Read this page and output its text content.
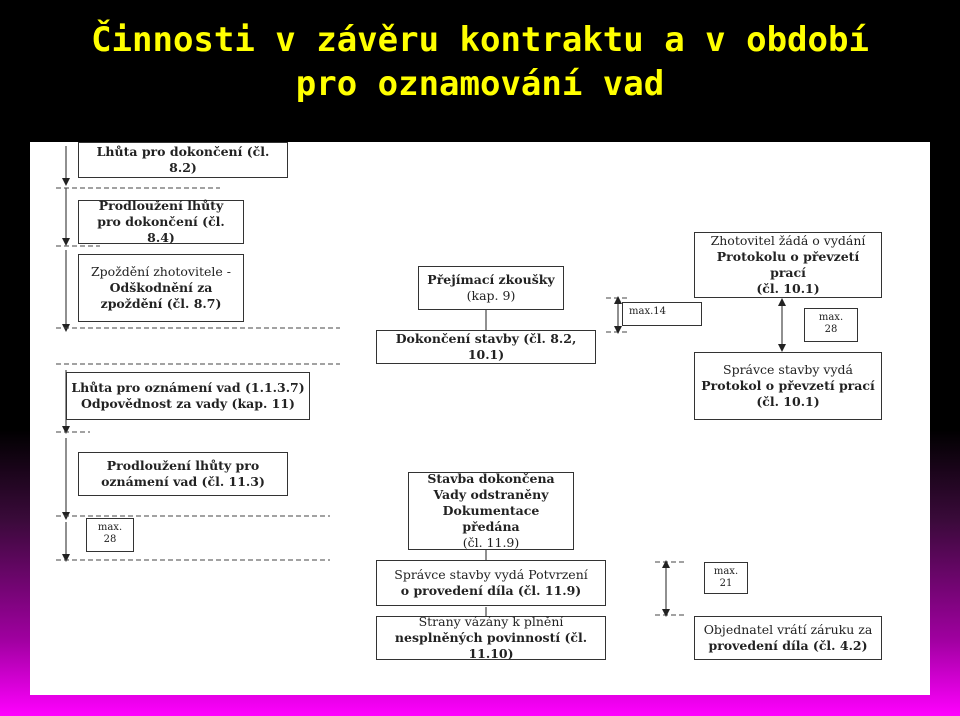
Činnosti v závěru kontraktu a v období
pro oznamování vad
Lhůta pro dokončení (čl. 8.2)
Prodloužení lhůty
pro dokončení (čl. 8.4)
Zpoždění zhotovitele -
Odškodnění za
zpoždění (čl. 8.7)
Přejímací zkoušky
(kap. 9)
Dokončení stavby (čl. 8.2, 10.1)
Zhotovitel žádá o vydání
Protokolu o převzetí prací
(čl. 10.1)
max.14
max. 28
Správce stavby vydá
Protokol o převzetí prací
(čl. 10.1)
Lhůta pro oznámení vad (1.1.3.7)
Odpovědnost za vady (kap. 11)
Prodloužení lhůty pro
oznámení vad (čl. 11.3)
max. 28
Stavba dokončena
Vady odstraněny
Dokumentace předána
(čl. 11.9)
Správce stavby vydá Potvrzení
o provedení díla (čl. 11.9)
max. 21
Strany vázány k plnění
nesplněných povinností (čl. 11.10)
Objednatel vrátí záruku za
provedení díla (čl. 4.2)
